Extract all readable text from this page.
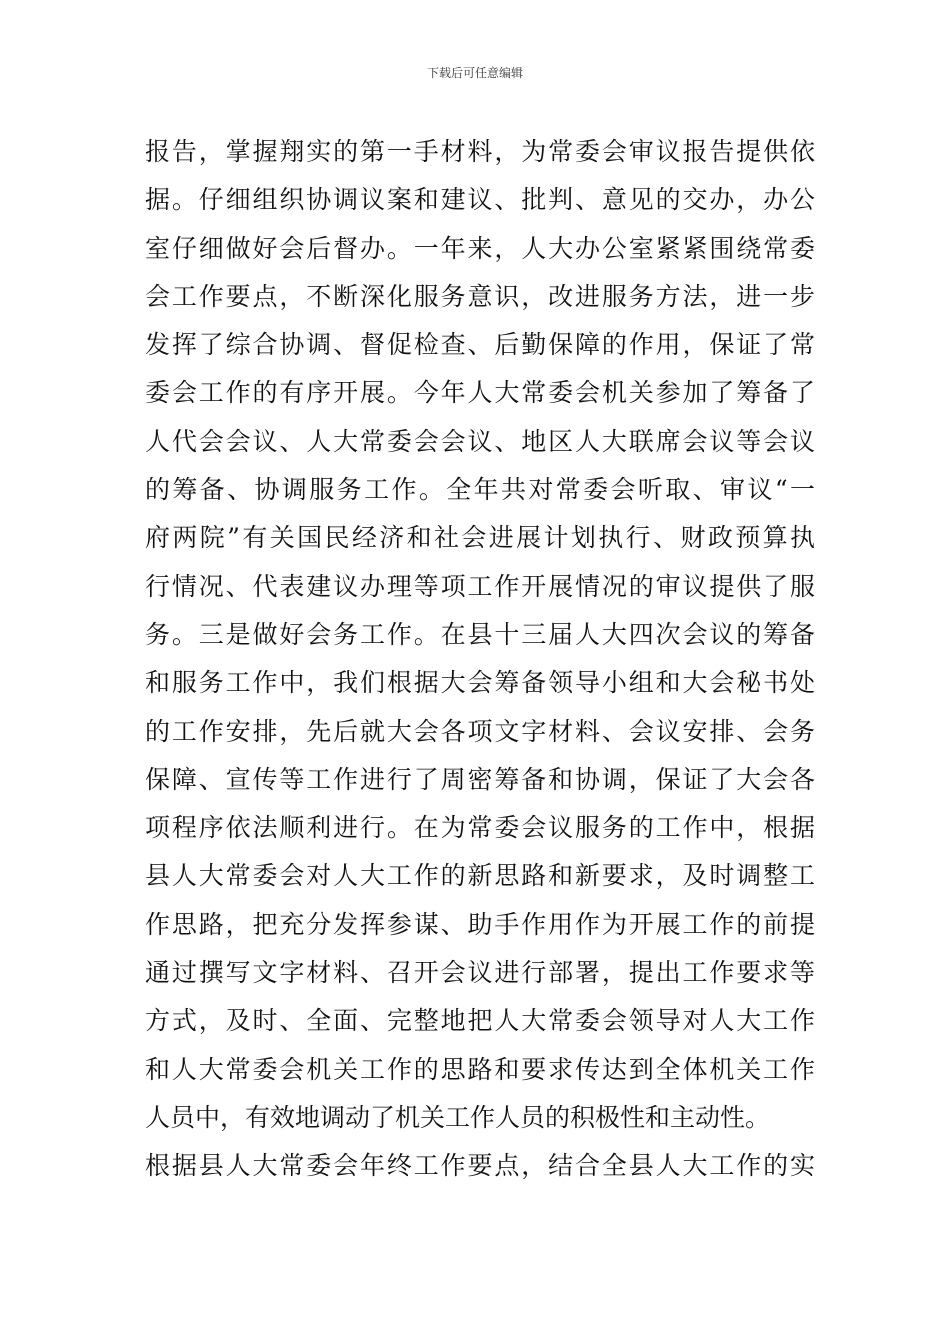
下载后可任意编辑
报告，掌握翔实的第一手材料，为常委会审议报告提供依
据。仔细组织协调议案和建议、批判、意见的交办，办公
室仔细做好会后督办。一年来，人大办公室紧紧围绕常委
会工作要点，不断深化服务意识，改进服务方法，进一步
发挥了综合协调、督促检查、后勤保障的作用，保证了常
委会工作的有序开展。今年人大常委会机关参加了筹备了
人代会会议、人大常委会会议、地区人大联席会议等会议
的筹备、协调服务工作。全年共对常委会听取、审议“一
府两院”有关国民经济和社会进展计划执行、财政预算执
行情况、代表建议办理等项工作开展情况的审议提供了服
务。三是做好会务工作。在县十三届人大四次会议的筹备
和服务工作中，我们根据大会筹备领导小组和大会秘书处
的工作安排，先后就大会各项文字材料、会议安排、会务
保障、宣传等工作进行了周密筹备和协调，保证了大会各
项程序依法顺利进行。在为常委会议服务的工作中，根据
县人大常委会对人大工作的新思路和新要求，及时调整工
作思路，把充分发挥参谋、助手作用作为开展工作的前提
通过撰写文字材料、召开会议进行部署，提出工作要求等
方式，及时、全面、完整地把人大常委会领导对人大工作
和人大常委会机关工作的思路和要求传达到全体机关工作
人员中，有效地调动了机关工作人员的积极性和主动性。
根据县人大常委会年终工作要点，结合全县人大工作的实
